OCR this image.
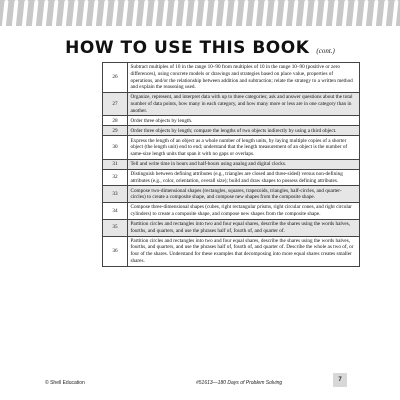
HOW TO USE THIS BOOK (cont.)
26	Subtract multiples of 10 in the range 10–90 from multiples of 10 in the range 10–90 (positive or zero differences), using concrete models or drawings and strategies based on place value, properties of operations, and/or the relationship between addition and subtraction; relate the strategy to a written method and explain the reasoning used.
27	Organize, represent, and interpret data with up to three categories; ask and answer questions about the total number of data points, how many in each category, and how many more or less are in one category than in another.
28	Order three objects by length.
29	Order three objects by length; compare the lengths of two objects indirectly by using a third object.
30	Express the length of an object as a whole number of length units, by laying multiple copies of a shorter object (the length unit) end to end; understand that the length measurement of an object is the number of same-size length units that span it with no gaps or overlaps.
31	Tell and write time in hours and half-hours using analog and digital clocks.
32	Distinguish between defining attributes (e.g., triangles are closed and three-sided) versus non-defining attributes (e.g., color, orientation, overall size); build and draw shapes to possess defining attributes.
33	Compose two-dimensional shapes (rectangles, squares, trapezoids, triangles, half-circles, and quarter-circles) to create a composite shape, and compose new shapes from the composite shape.
34	Compose three-dimensional shapes (cubes, right rectangular prisms, right circular cones, and right circular cylinders) to create a composite shape, and compose new shapes from the composite shape.
35	Partition circles and rectangles into two and four equal shares, describe the shares using the words halves, fourths, and quarters, and use the phrases half of, fourth of, and quarter of.
36	Partition circles and rectangles into two and four equal shares, describe the shares using the words halves, fourths, and quarters, and use the phrases half of, fourth of, and quarter of. Describe the whole as two of, or four of the shares. Understand for these examples that decomposing into more equal shares creates smaller shares.
© Shell Education	#51613—180 Days of Problem Solving	7
